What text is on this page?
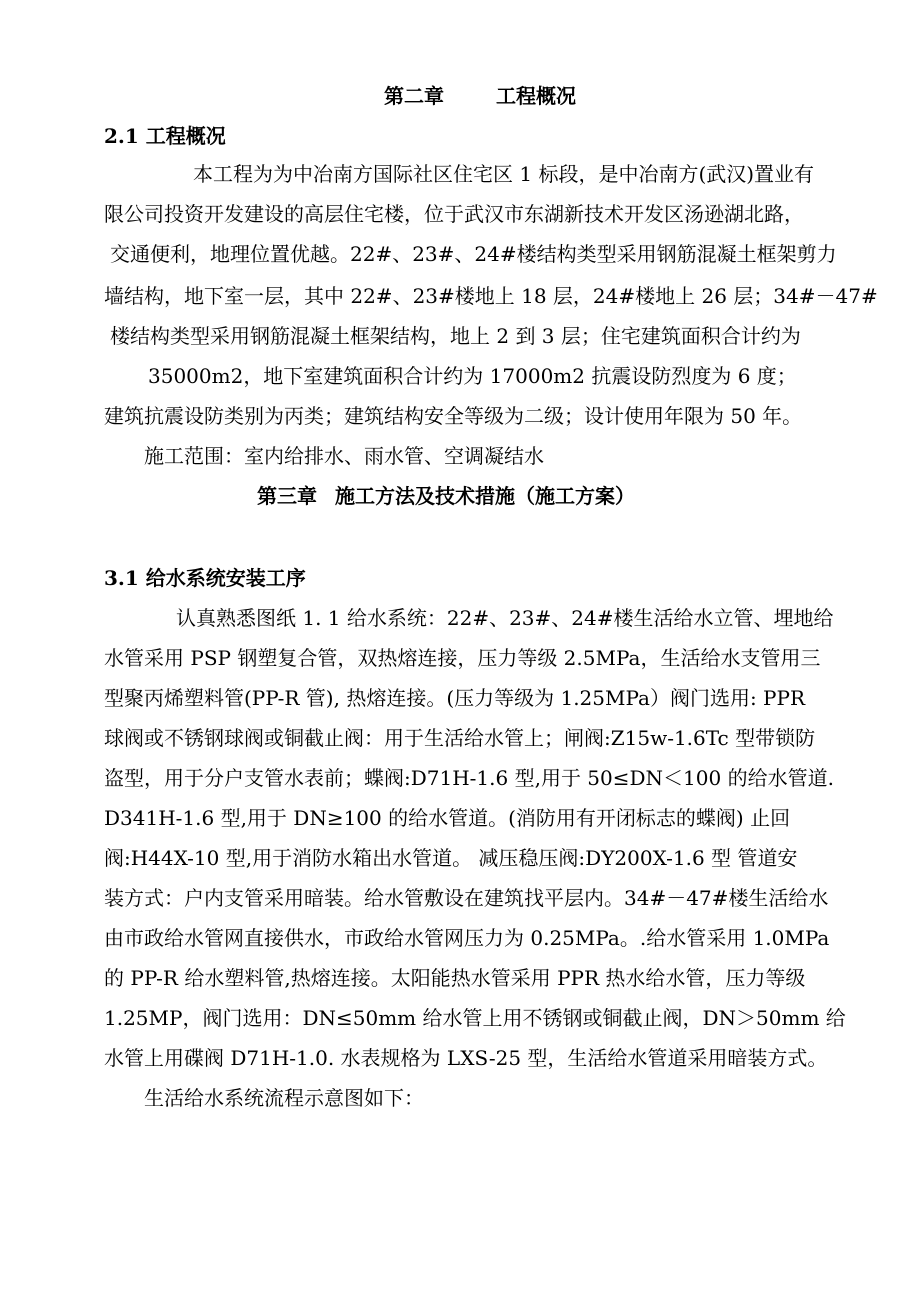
第二章	工程概况
2.1 工程概况
本工程为为中冶南方国际社区住宅区 1 标段，是中冶南方(武汉)置业有
限公司投资开发建设的高层住宅楼，位于武汉市东湖新技术开发区汤逊湖北路，
交通便利，地理位置优越。22#、23#、24#楼结构类型采用钢筋混凝土框架剪力
墙结构，地下室一层，其中 22#、23#楼地上 18 层，24#楼地上 26 层；34#－47#
楼结构类型采用钢筋混凝土框架结构，地上 2 到 3 层；住宅建筑面积合计约为
35000m2，地下室建筑面积合计约为 17000m2 抗震设防烈度为 6 度；
建筑抗震设防类别为丙类；建筑结构安全等级为二级；设计使用年限为 50 年。
施工范围：室内给排水、雨水管、空调凝结水
第三章 施工方法及技术措施（施工方案）
3.1 给水系统安装工序
认真熟悉图纸 1. 1 给水系统：22#、23#、24#楼生活给水立管、埋地给
水管采用 PSP 钢塑复合管，双热熔连接，压力等级 2.5MPa，生活给水支管用三
型聚丙烯塑料管(PP-R 管), 热熔连接。(压力等级为 1.25MPa）阀门选用: PPR
球阀或不锈钢球阀或铜截止阀：用于生活给水管上；闸阀:Z15w-1.6Tc 型带锁防
盗型，用于分户支管水表前；蝶阀:D71H-1.6 型,用于 50≤DN＜100 的给水管道.
D341H-1.6 型,用于 DN≥100 的给水管道。(消防用有开闭标志的蝶阀) 止回
阀:H44X-10 型,用于消防水箱出水管道。 减压稳压阀:DY200X-1.6 型 管道安
装方式：户内支管采用暗装。给水管敷设在建筑找平层内。34#－47#楼生活给水
由市政给水管网直接供水，市政给水管网压力为 0.25MPa。.给水管采用 1.0MPa
的 PP-R 给水塑料管,热熔连接。太阳能热水管采用 PPR 热水给水管，压力等级
1.25MP，阀门选用：DN≤50mm 给水管上用不锈钢或铜截止阀，DN＞50mm 给
水管上用碟阀 D71H-1.0. 水表规格为 LXS-25 型，生活给水管道采用暗装方式。
生活给水系统流程示意图如下：
